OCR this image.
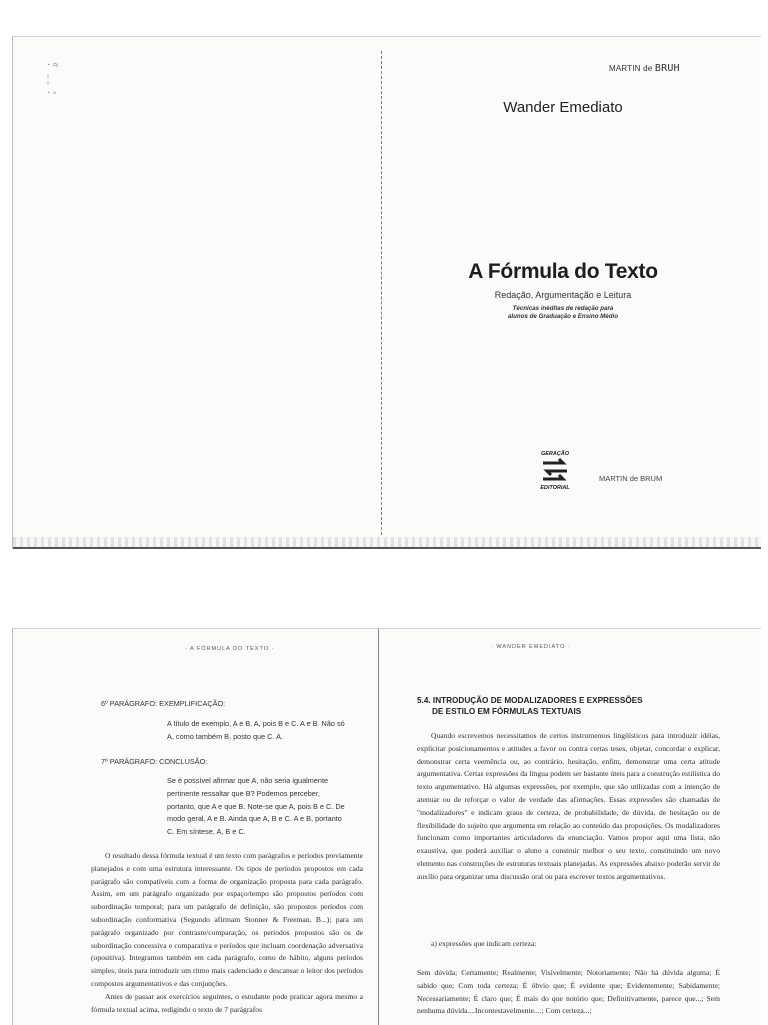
· ≈
¦
· ◦
MARTIN de BRUH
Wander Emediato
A Fórmula do Texto
Redação, Argumentação e Leitura
Técnicas inéditas de redação para
alunos de Graduação e Ensino Médio
GERAÇÃO
EDITORIAL
MARTIN de BRUM
· A FÓRMULA DO TEXTO ·
6º PARÁGRAFO: EXEMPLIFICAÇÃO:
A título de exemplo, A e B. A, pois B e C. A e B. Não só A, como também B, posto que C. A.
7º PARÁGRAFO: CONCLUSÃO:
Se é possível afirmar que A, não seria igualmente pertinente ressaltar que B? Podemos perceber, portanto, que A e que B. Note-se que A, pois B e C. De modo geral, A e B. Ainda que A, B e C. A e B, portanto C. Em síntese, A, B e C.

O resultado dessa fórmula textual é um texto com parágrafos e períodos previamente planejados e com uma estrutura interessante. Os tipos de períodos propostos em cada parágrafo são compatíveis com a forma de organização proposta para cada parágrafo. Assim, em um parágrafo organizado por espaço/tempo são propostos períodos com subordinação temporal; para um parágrafo de definição, são propostos períodos com subordinação conformativa (Segundo afirmam Stonner & Freeman, B...); para um parágrafo organizado por contraste/comparação, os períodos propostos são os de subordinação concessiva e comparativa e períodos que incluam coordenação adversativa (opositiva). Integramos também em cada parágrafo, como de hábito, alguns períodos simples, úteis para introduzir um ritmo mais cadenciado e descansar o leitor dos períodos compostos argumentativos e das conjunções.

Antes de passar aos exercícios seguintes, o estudante pode praticar agora mesmo a fórmula textual acima, redigindo o texto de 7 parágrafos

· WANDER EMEDIATO ·
5.4. INTRODUÇÃO DE MODALIZADORES E EXPRESSÕES
DE ESTILO EM FÓRMULAS TEXTUAIS

Quando escrevemos necessitamos de certos instrumentos lingüísticos para introduzir idéias, explicitar posicionamentos e atitudes a favor ou contra certas teses, objetar, concordar e explicar, demonstrar certa veemência ou, ao contrário, hesitação, enfim, demonstrar uma certa atitude argumentativa. Certas expressões da língua podem ser bastante úteis para a construção estilística do texto argumentativo. Há algumas expressões, por exemplo, que são utilizadas com a intenção de atenuar ou de reforçar o valor de verdade das afirmações. Essas expressões são chamadas de "modalizadores" e indicam graus de certeza, de probabilidade, de dúvida, de hesitação ou de flexibilidade do sujeito que argumenta em relação ao conteúdo das proposições. Os modalizadores funcionam como importantes articuladores da enunciação. Vamos propor aqui uma lista, não exaustiva, que poderá auxiliar o aluno a construir melhor o seu texto, constituindo um novo elemento nas construções de estruturas textuais planejadas. As expressões abaixo poderão servir de auxílio para organizar uma discussão oral ou para escrever textos argumentativos.

a) expressões que indicam certeza:
Sem dúvida; Certamente; Realmente; Visivelmente; Notoriamente; Não há dúvida alguma; É sabido que; Com toda certeza; É óbvio que; É evidente que; Evidentemente; Sabidamente; Necessariamente; É claro que; É mais do que notório que; Definitivamente, parece que...; Sem nenhuma dúvida....Incontestavelmente....; Com certeza...;
